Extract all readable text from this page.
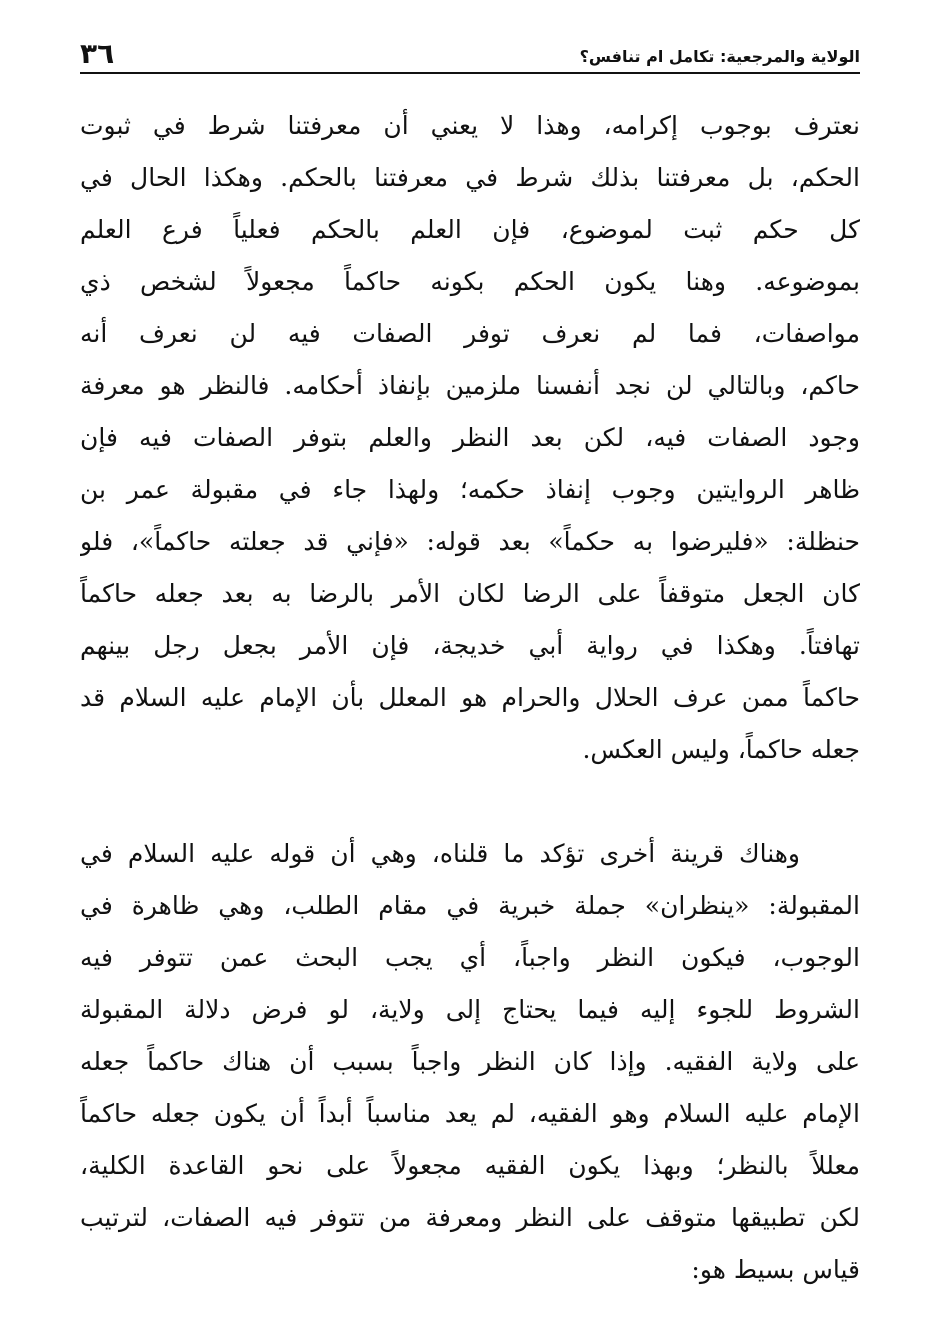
٣٦	الولاية والمرجعية: تكامل ام تنافس؟
نعترف بوجوب إكرامه، وهذا لا يعني أن معرفتنا شرط في ثبوت
الحكم، بل معرفتنا بذلك شرط في معرفتنا بالحكم. وهكذا الحال في
كل حكم ثبت لموضوع، فإن العلم بالحكم فعلياً فرع العلم
بموضوعه. وهنا يكون الحكم بكونه حاكماً مجعولاً لشخص ذي
مواصفات، فما لم نعرف توفر الصفات فيه لن نعرف أنه
حاكم، وبالتالي لن نجد أنفسنا ملزمين بإنفاذ أحكامه. فالنظر هو معرفة
وجود الصفات فيه، لكن بعد النظر والعلم بتوفر الصفات فيه فإن
ظاهر الروايتين وجوب إنفاذ حكمه؛ ولهذا جاء في مقبولة عمر بن
حنظلة: «فليرضوا به حكماً» بعد قوله: «فإني قد جعلته حاكماً»، فلو
كان الجعل متوقفاً على الرضا لكان الأمر بالرضا به بعد جعله حاكماً
تهافتاً. وهكذا في رواية أبي خديجة، فإن الأمر بجعل رجل بينهم
حاكماً ممن عرف الحلال والحرام هو المعلل بأن الإمام عليه السلام قد
جعله حاكماً، وليس العكس.
وهناك قرينة أخرى تؤكد ما قلناه، وهي أن قوله عليه السلام في
المقبولة: «ينظران» جملة خبرية في مقام الطلب، وهي ظاهرة في
الوجوب، فيكون النظر واجباً، أي يجب البحث عمن تتوفر فيه
الشروط للجوء إليه فيما يحتاج إلى ولاية، لو فرض دلالة المقبولة
على ولاية الفقيه. وإذا كان النظر واجباً بسبب أن هناك حاكماً جعله
الإمام عليه السلام وهو الفقيه، لم يعد مناسباً أبداً أن يكون جعله حاكماً
معللاً بالنظر؛ وبهذا يكون الفقيه مجعولاً على نحو القاعدة الكلية،
لكن تطبيقها متوقف على النظر ومعرفة من تتوفر فيه الصفات، لترتيب
قياس بسيط هو:
